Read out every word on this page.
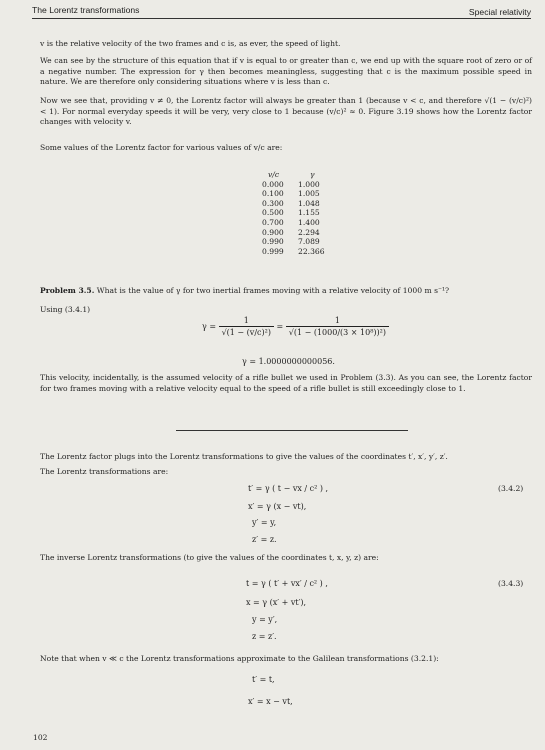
The Lorentz transformations	Special relativity
v is the relative velocity of the two frames and c is, as ever, the speed of light.
We can see by the structure of this equation that if v is equal to or greater than c, we end up with the square root of zero or of a negative number. The expression for γ then becomes meaningless, suggesting that c is the maximum possible speed in nature. We are therefore only considering situations where v is less than c.
Now we see that, providing v ≠ 0, the Lorentz factor will always be greater than 1 (because v < c, and therefore √(1 − (v/c)²) < 1). For normal everyday speeds it will be very, very close to 1 because (v/c)² ≈ 0. Figure 3.19 shows how the Lorentz factor changes with velocity v.
Some values of the Lorentz factor for various values of v/c are:
v/c	γ
0.000	1.000
0.100	1.005
0.300	1.048
0.500	1.155
0.700	1.400
0.900	2.294
0.990	7.089
0.999	22.366
Problem 3.5. What is the value of γ for two inertial frames moving with a relative velocity of 1000 m s⁻¹?
Using (3.4.1)
$\gamma = \frac{1}{\text{√(1 − (v/c)²)}} = \frac{1}{\text{√(1 − (1000/(3 × 10⁸))²)}}$
γ = 1.0000000000056.
This velocity, incidentally, is the assumed velocity of a rifle bullet we used in Problem (3.3). As you can see, the Lorentz factor for two frames moving with a relative velocity equal to the speed of a rifle bullet is still exceedingly close to 1.
The Lorentz factor plugs into the Lorentz transformations to give the values of the coordinates t′, x′, y′, z′.
The Lorentz transformations are:
t′ = γ ( t − vx / c² ) ,	(3.4.2)
x′ = γ (x − vt),
y′ = y,
z′ = z.
The inverse Lorentz transformations (to give the values of the coordinates t, x, y, z) are:
t = γ ( t′ + vx′ / c² ) ,	(3.4.3)
x = γ (x′ + vt′),
y = y′,
z = z′.
Note that when v ≪ c the Lorentz transformations approximate to the Galilean transformations (3.2.1):
t′ = t,
x′ = x − vt,
102
